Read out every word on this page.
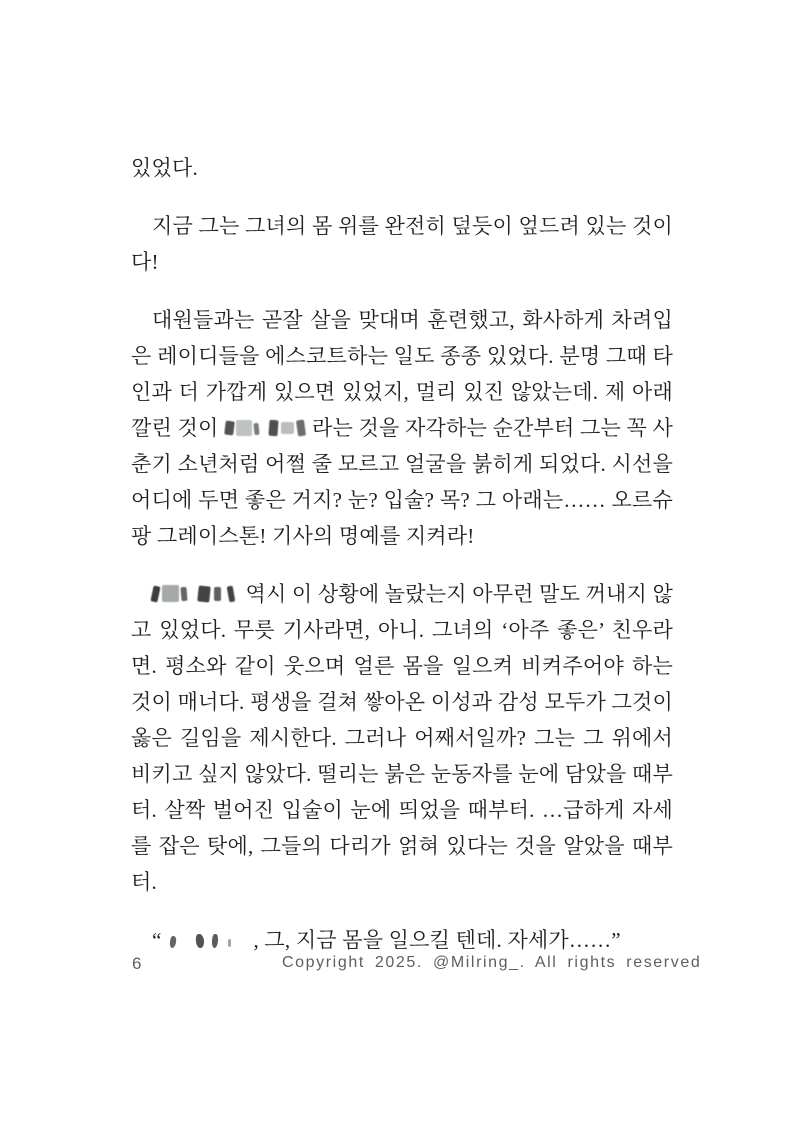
있었다.

지금 그는 그녀의 몸 위를 완전히 덮듯이 엎드려 있는 것이다!

대원들과는 곧잘 살을 맞대며 훈련했고, 화사하게 차려입은 레이디들을 에스코트하는 일도 종종 있었다. 분명 그때 타인과 더 가깝게 있으면 있었지, 멀리 있진 않았는데. 제 아래 깔린 것이	라는 것을 자각하는 순간부터 그는 꼭 사춘기 소년처럼 어쩔 줄 모르고 얼굴을 붉히게 되었다. 시선을 어디에 두면 좋은 거지? 눈? 입술? 목? 그 아래는…… 오르슈팡 그레이스톤! 기사의 명예를 지켜라!

역시 이 상황에 놀랐는지 아무런 말도 꺼내지 않고 있었다. 무릇 기사라면, 아니. 그녀의 ‘아주 좋은’ 친우라면. 평소와 같이 웃으며 얼른 몸을 일으켜 비켜주어야 하는 것이 매너다. 평생을 걸쳐 쌓아온 이성과 감성 모두가 그것이 옳은 길임을 제시한다. 그러나 어째서일까? 그는 그 위에서 비키고 싶지 않았다. 떨리는 붉은 눈동자를 눈에 담았을 때부터. 살짝 벌어진 입술이 눈에 띄었을 때부터. …급하게 자세를 잡은 탓에, 그들의 다리가 얽혀 있다는 것을 알았을 때부터.

“	, 그, 지금 몸을 일으킬 텐데. 자세가……”

6	Copyright 2025. @Milring_. All rights reserved
